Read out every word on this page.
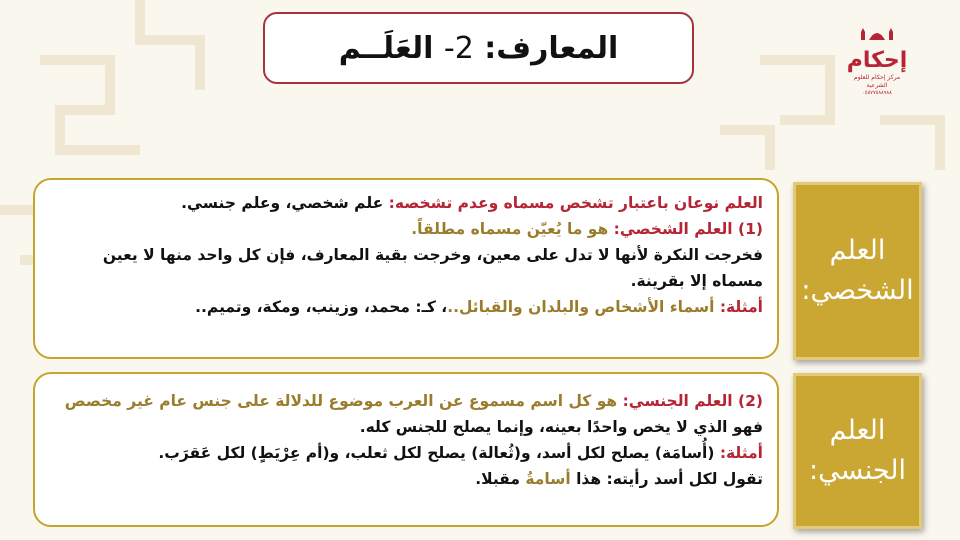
المعارف: 2- العَلَــم	إحكام
مركز إحكام للعلوم الشرعية
٠٥٥٧٧٥٨٨٩٨٨

العلم نوعان باعتبار تشخص مسماه وعدم تشخصه: علم شخصي، وعلم جنسي.

(1) العلم الشخصي: هو ما يُعيّن مسماه مطلقاً.

فخرجت النكرة لأنها لا تدل على معين، وخرجت بقية المعارف، فإن كل واحد منها لا يعين مسماه إلا بقرينة.

أمثلة: أسماء الأشخاص والبلدان والقبائل..، كـ: محمد، وزينب، ومكة، وتميم..

(2) العلم الجنسي: هو كل اسم مسموع عن العرب موضوع للدلالة على جنس عام غير مخصص فهو الذي لا يخص واحدًا بعينه، وإنما يصلح للجنس كله.

أمثلة: (أُسامَة) يصلح لكل أسد، و(ثُعالة) يصلح لكل ثعلب، و(أم عِرْيَطٍ) لكل عَقرَب.

تقول لكل أسد رأيته: هذا أسامةُ مقبلا.

العلم
الشخصي:
العلم
الجنسي:
